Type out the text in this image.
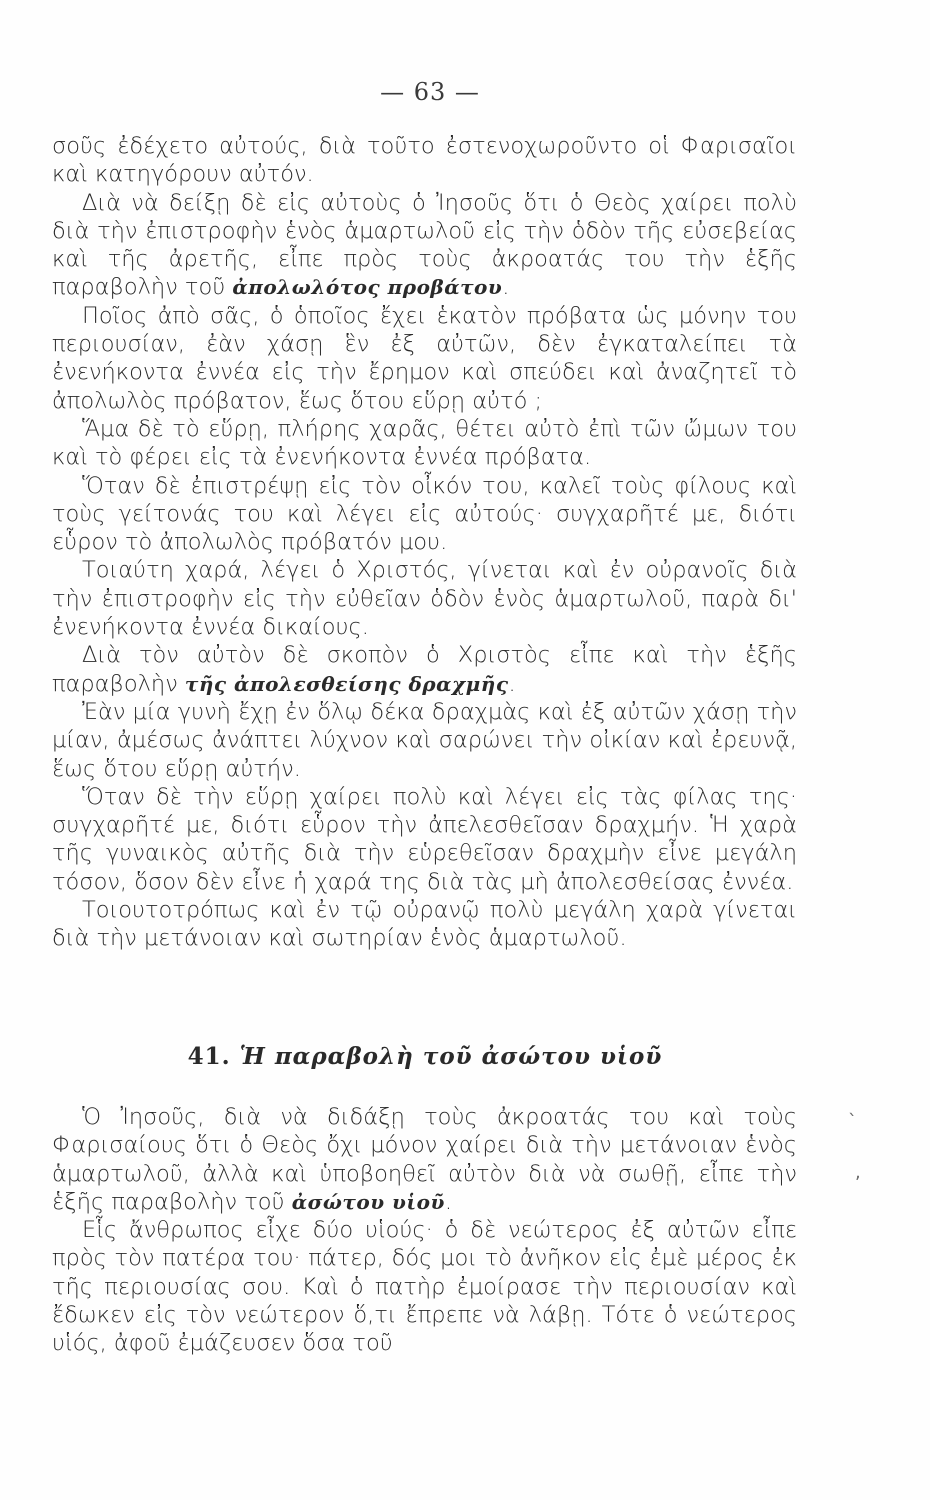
— 63 —

σοῦς ἐδέχετο αὐτούς, διὰ τοῦτο ἐστενοχωροῦντο οἱ Φαρισαῖοι καὶ κατηγόρουν αὐτόν.

Διὰ νὰ δείξῃ δὲ εἰς αὐτοὺς ὁ Ἰησοῦς ὅτι ὁ Θεὸς χαίρει πολὺ διὰ τὴν ἐπιστροφὴν ἑνὸς ἁμαρτωλοῦ εἰς τὴν ὁδὸν τῆς εὐσεβείας καὶ τῆς ἀρετῆς, εἶπε πρὸς τοὺς ἀκροατάς του τὴν ἑξῆς παραβολὴν τοῦ ἀπολωλότος προβάτου.

Ποῖος ἀπὸ σᾶς, ὁ ὁποῖος ἔχει ἑκατὸν πρόβατα ὡς μόνην του περιουσίαν, ἐὰν χάσῃ ἓν ἐξ αὐτῶν, δὲν ἐγκαταλείπει τὰ ἐνενήκοντα ἐννέα εἰς τὴν ἔρημον καὶ σπεύδει καὶ ἀναζητεῖ τὸ ἀπολωλὸς πρόβατον, ἕως ὅτου εὕρῃ αὐτό ;

Ἅμα δὲ τὸ εὕρῃ, πλήρης χαρᾶς, θέτει αὐτὸ ἐπὶ τῶν ὤμων του καὶ τὸ φέρει εἰς τὰ ἐνενήκοντα ἐννέα πρόβατα.

Ὅταν δὲ ἐπιστρέψῃ εἰς τὸν οἶκόν του, καλεῖ τοὺς φίλους καὶ τοὺς γείτονάς του καὶ λέγει εἰς αὐτούς· συγχαρῆτέ με, διότι εὗρον τὸ ἀπολωλὸς πρόβατόν μου.

Τοιαύτη χαρά, λέγει ὁ Χριστός, γίνεται καὶ ἐν οὐρανοῖς διὰ τὴν ἐπιστροφὴν εἰς τὴν εὐθεῖαν ὁδὸν ἑνὸς ἁμαρτωλοῦ, παρὰ δι' ἐνενήκοντα ἐννέα δικαίους.

Διὰ τὸν αὐτὸν δὲ σκοπὸν ὁ Χριστὸς εἶπε καὶ τὴν ἑξῆς παραβολὴν τῆς ἀπολεσθείσης δραχμῆς.

Ἐὰν μία γυνὴ ἔχῃ ἐν ὅλῳ δέκα δραχμὰς καὶ ἐξ αὐτῶν χάσῃ τὴν μίαν, ἀμέσως ἀνάπτει λύχνον καὶ σαρώνει τὴν οἰκίαν καὶ ἐρευνᾷ, ἕως ὅτου εὕρῃ αὐτήν.

Ὅταν δὲ τὴν εὕρῃ χαίρει πολὺ καὶ λέγει εἰς τὰς φίλας της· συγχαρῆτέ με, διότι εὗρον τὴν ἀπελεσθεῖσαν δραχμήν. Ἡ χαρὰ τῆς γυναικὸς αὐτῆς διὰ τὴν εὑρεθεῖσαν δραχμὴν εἶνε μεγάλη τόσον, ὅσον δὲν εἶνε ἡ χαρά της διὰ τὰς μὴ ἀπολεσθείσας ἐννέα.

Τοιουτοτρόπως καὶ ἐν τῷ οὐρανῷ πολὺ μεγάλη χαρὰ γίνεται διὰ τὴν μετάνοιαν καὶ σωτηρίαν ἑνὸς ἁμαρτωλοῦ.

41. Ἡ παραβολὴ τοῦ ἀσώτου υἱοῦ

Ὁ Ἰησοῦς, διὰ νὰ διδάξῃ τοὺς ἀκροατάς του καὶ τοὺς Φαρισαίους ὅτι ὁ Θεὸς ὄχι μόνον χαίρει διὰ τὴν μετάνοιαν ἑνὸς ἁμαρτωλοῦ, ἀλλὰ καὶ ὑποβοηθεῖ αὐτὸν διὰ νὰ σωθῇ, εἶπε τὴν ἑξῆς παραβολὴν τοῦ ἀσώτου υἱοῦ.

Εἷς ἄνθρωπος εἶχε δύο υἱούς· ὁ δὲ νεώτερος ἐξ αὐτῶν εἶπε πρὸς τὸν πατέρα του· πάτερ, δός μοι τὸ ἀνῆκον εἰς ἐμὲ μέρος ἐκ τῆς περιουσίας σου. Καὶ ὁ πατὴρ ἐμοίρασε τὴν περιουσίαν καὶ ἔδωκεν εἰς τὸν νεώτερον ὅ,τι ἔπρεπε νὰ λάβῃ. Τότε ὁ νεώτερος υἱός, ἀφοῦ ἐμάζευσεν ὅσα τοῦ

ˎ
,
